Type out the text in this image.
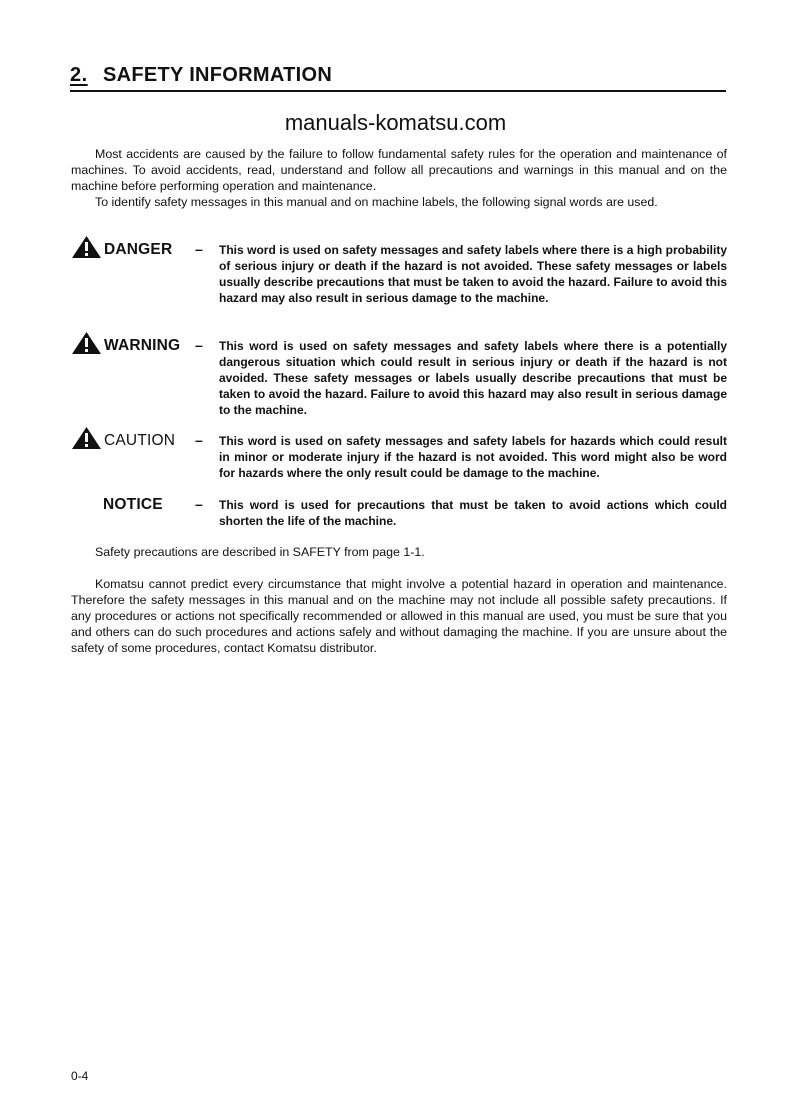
2. SAFETY INFORMATION
manuals-komatsu.com
Most accidents are caused by the failure to follow fundamental safety rules for the operation and maintenance of machines. To avoid accidents, read, understand and follow all precautions and warnings in this manual and on the machine before performing operation and maintenance.
To identify safety messages in this manual and on machine labels, the following signal words are used.
DANGER – This word is used on safety messages and safety labels where there is a high probability of serious injury or death if the hazard is not avoided. These safety messages or labels usually describe precautions that must be taken to avoid the hazard. Failure to avoid this hazard may also result in serious damage to the machine.
WARNING – This word is used on safety messages and safety labels where there is a potentially dangerous situation which could result in serious injury or death if the hazard is not avoided. These safety messages or labels usually describe precautions that must be taken to avoid the hazard. Failure to avoid this hazard may also result in serious damage to the machine.
CAUTION – This word is used on safety messages and safety labels for hazards which could result in minor or moderate injury if the hazard is not avoided. This word might also be word for hazards where the only result could be damage to the machine.
NOTICE – This word is used for precautions that must be taken to avoid actions which could shorten the life of the machine.
Safety precautions are described in SAFETY from page 1-1.
Komatsu cannot predict every circumstance that might involve a potential hazard in operation and maintenance. Therefore the safety messages in this manual and on the machine may not include all possible safety precautions. If any procedures or actions not specifically recommended or allowed in this manual are used, you must be sure that you and others can do such procedures and actions safely and without damaging the machine. If you are unsure about the safety of some procedures, contact Komatsu distributor.
0-4
